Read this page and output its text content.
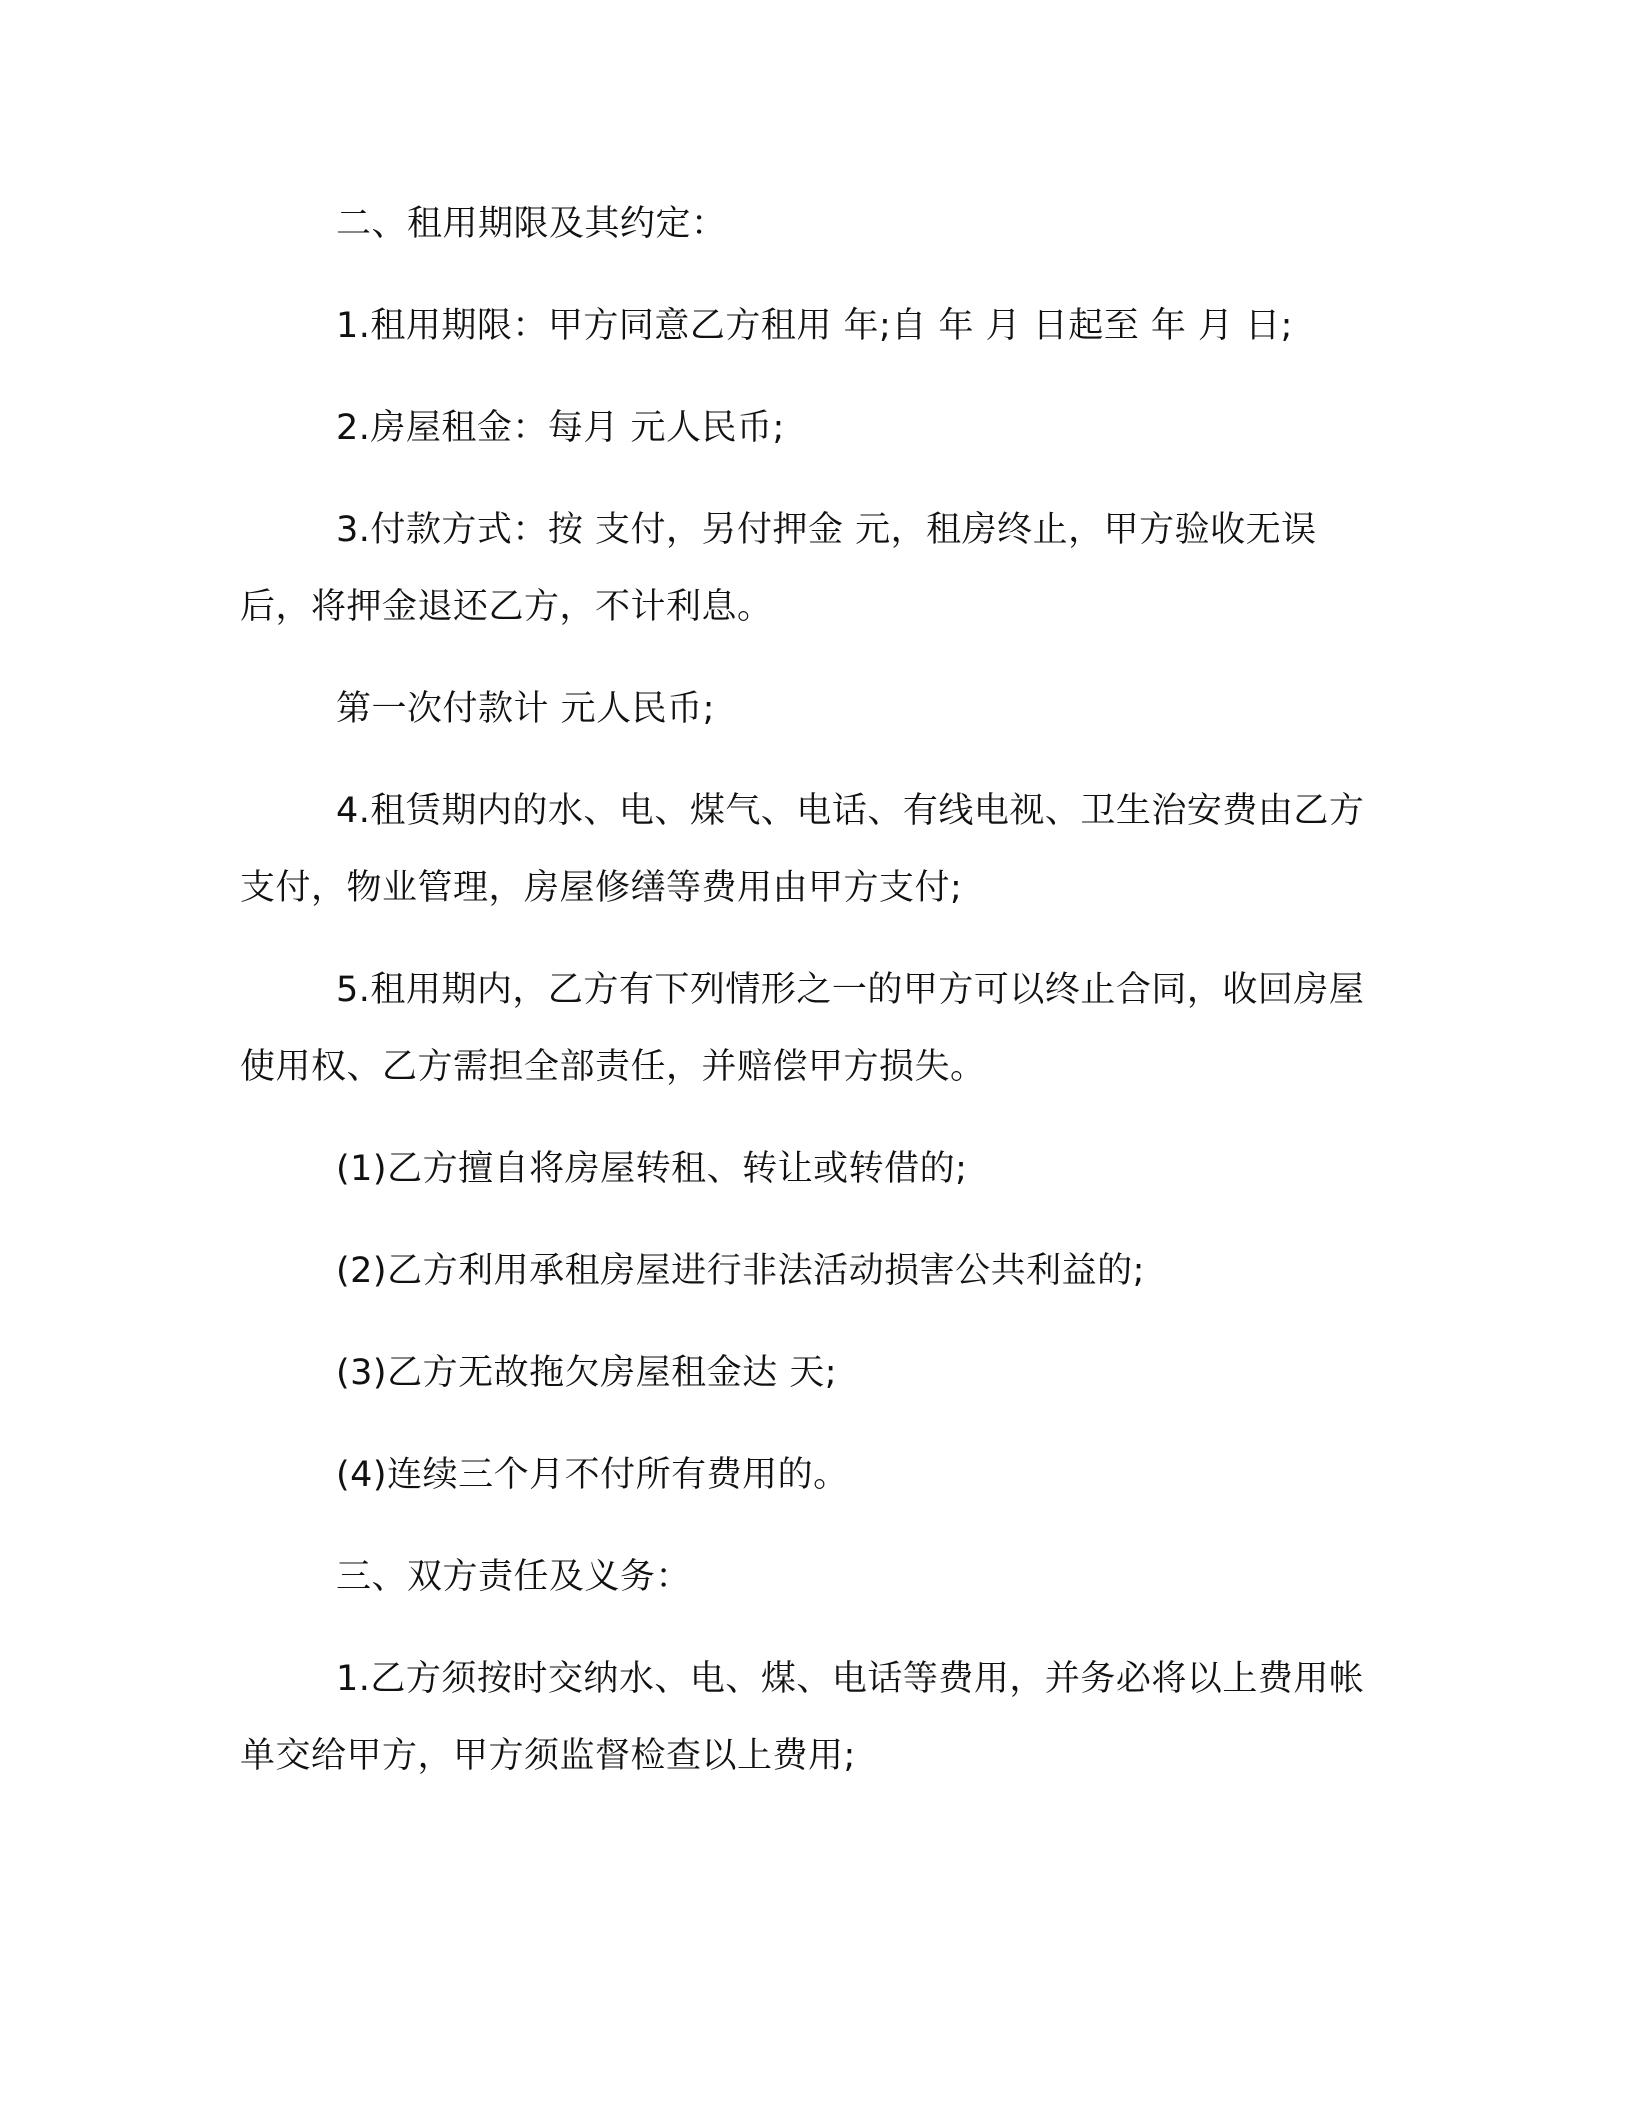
二、租用期限及其约定：

1.租用期限：甲方同意乙方租用 年;自 年 月 日起至 年 月 日;

2.房屋租金：每月 元人民币;

3.付款方式：按 支付，另付押金 元，租房终止，甲方验收无误后，将押金退还乙方，不计利息。

第一次付款计 元人民币;

4.租赁期内的水、电、煤气、电话、有线电视、卫生治安费由乙方支付，物业管理，房屋修缮等费用由甲方支付;

5.租用期内，乙方有下列情形之一的甲方可以终止合同，收回房屋使用权、乙方需担全部责任，并赔偿甲方损失。

(1)乙方擅自将房屋转租、转让或转借的;

(2)乙方利用承租房屋进行非法活动损害公共利益的;

(3)乙方无故拖欠房屋租金达 天;

(4)连续三个月不付所有费用的。

三、双方责任及义务：

1.乙方须按时交纳水、电、煤、电话等费用，并务必将以上费用帐单交给甲方，甲方须监督检查以上费用;
